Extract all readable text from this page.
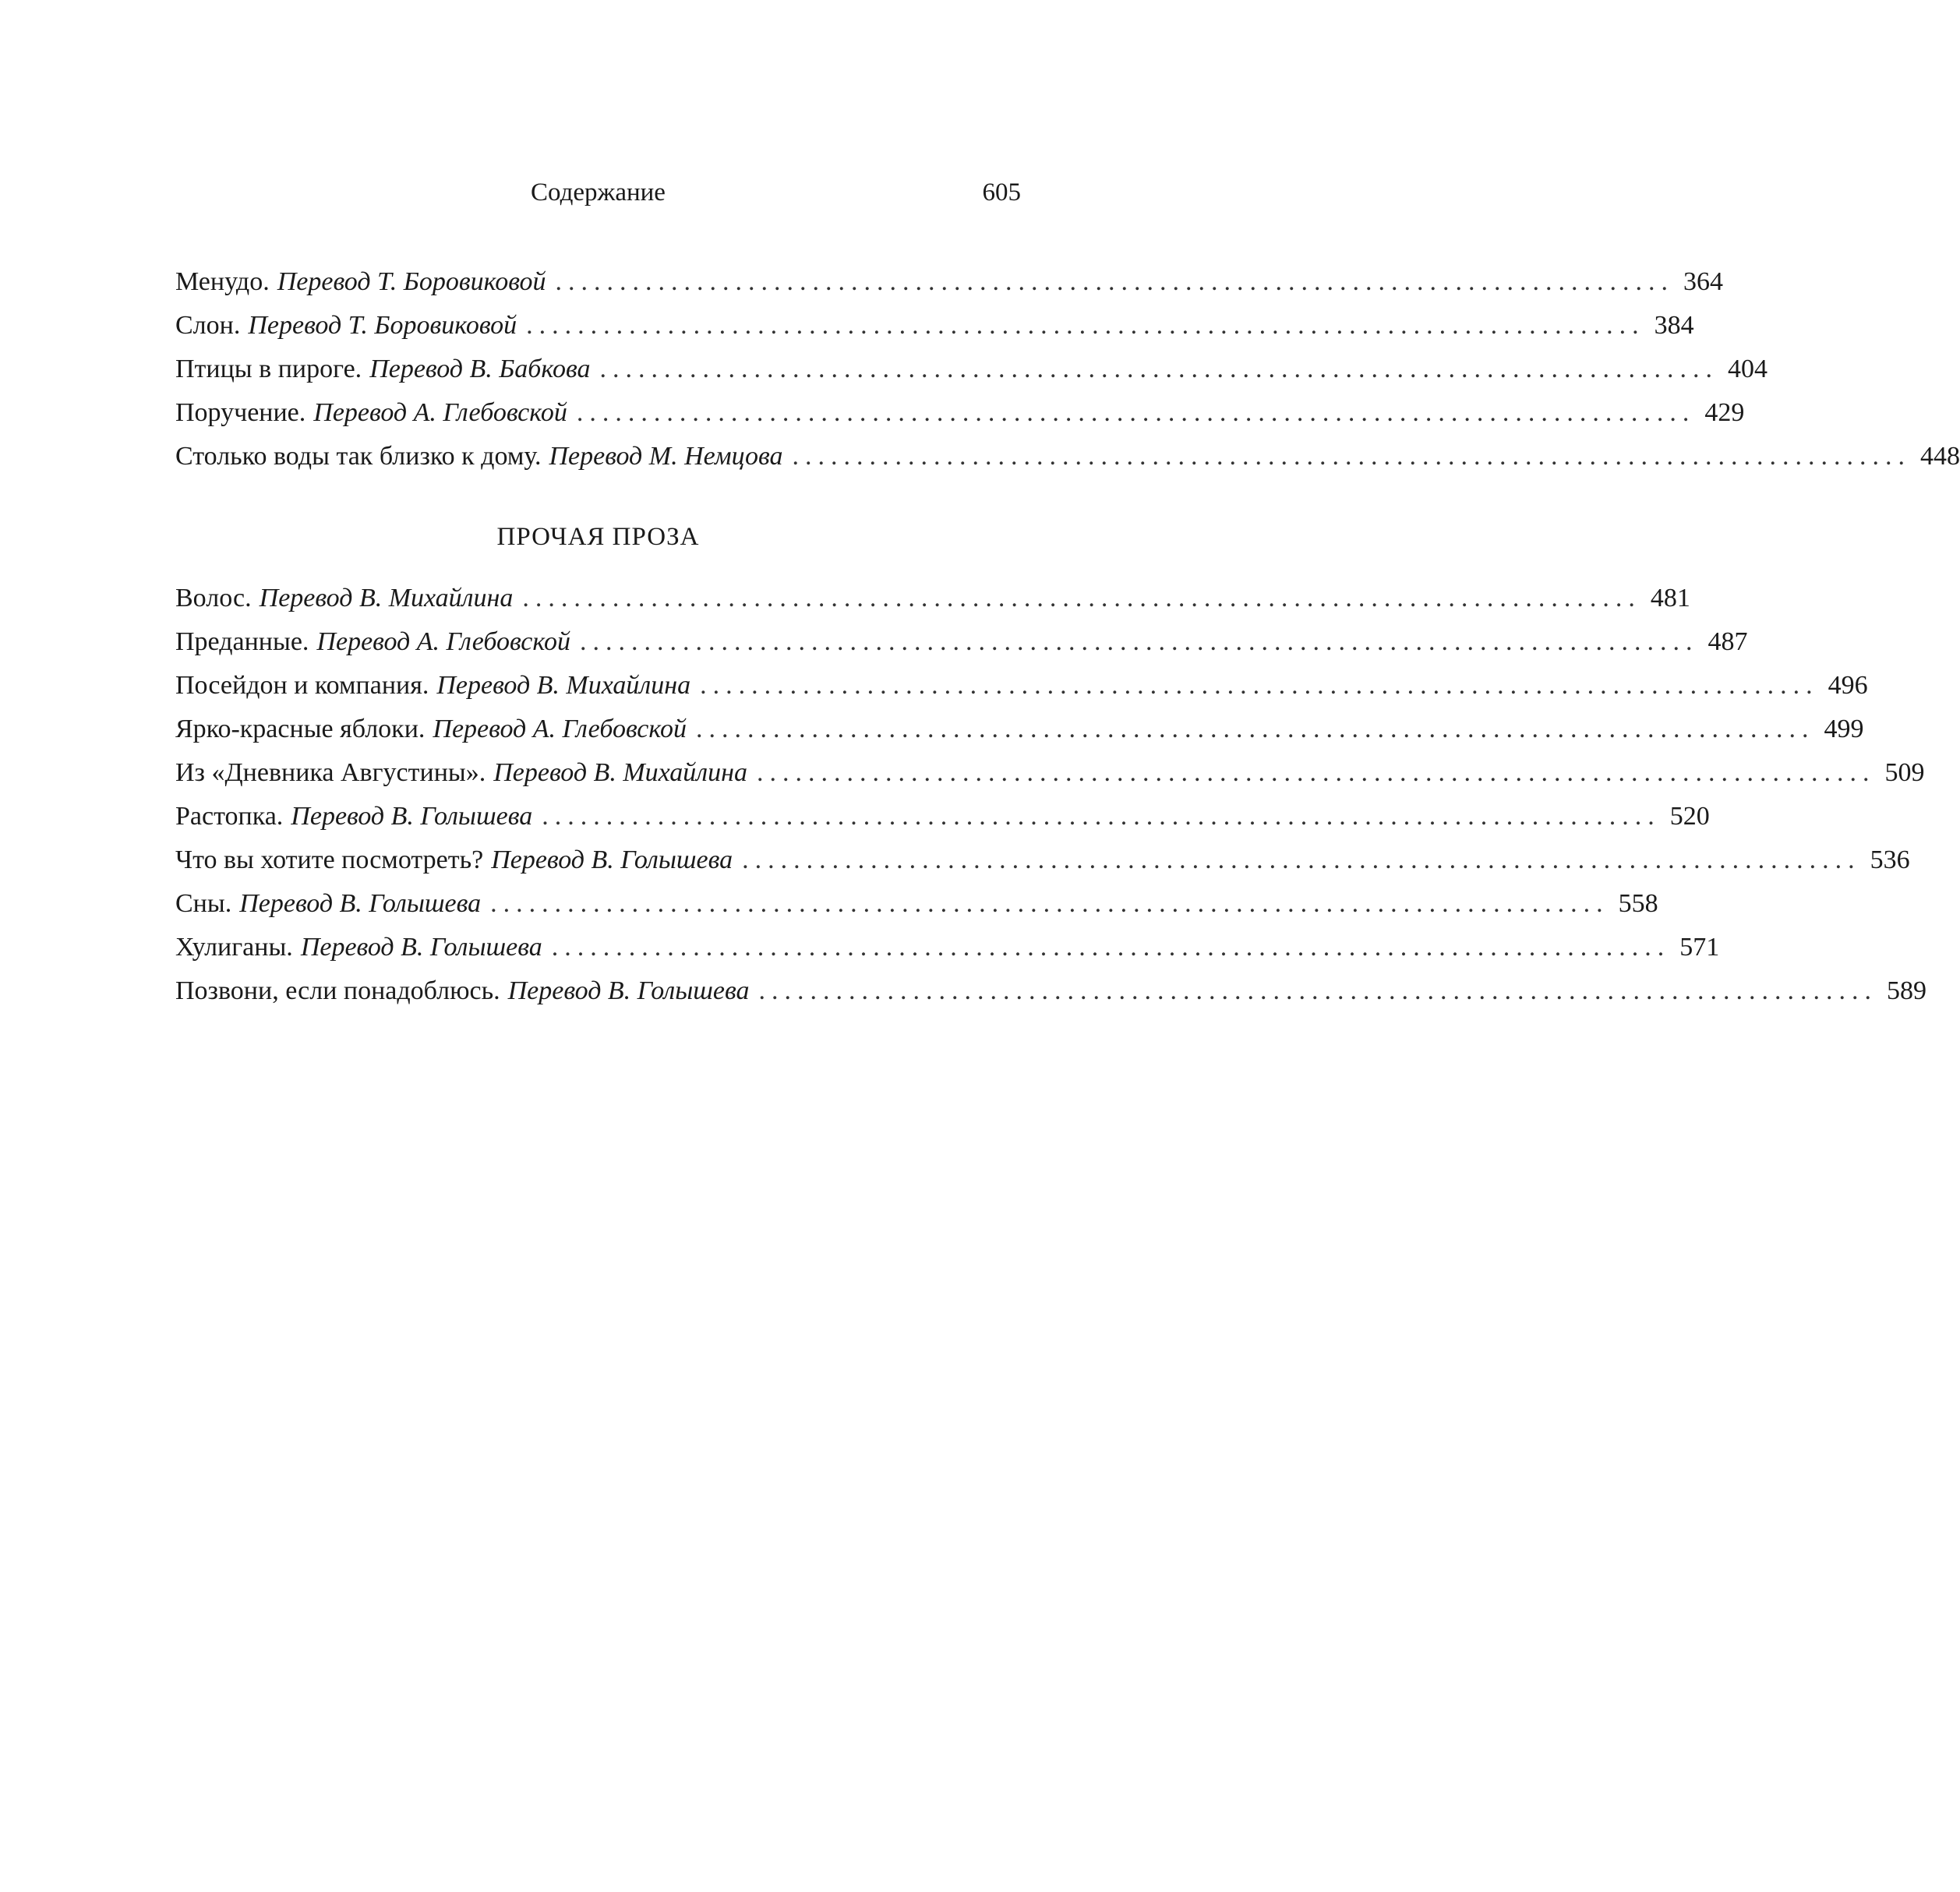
Содержание	605
Менудо. Перевод Т. Боровиковой ....................................................................................... 364
Слон. Перевод Т. Боровиковой ....................................................................................... 384
Птицы в пироге. Перевод В. Бабкова ....................................................................................... 404
Поручение. Перевод А. Глебовской ....................................................................................... 429
Столько воды так близко к дому. Перевод М. Немцова ....................................................................................... 448
ПРОЧАЯ ПРОЗА
Волос. Перевод В. Михайлина ....................................................................................... 481
Преданные. Перевод А. Глебовской ....................................................................................... 487
Посейдон и компания. Перевод В. Михайлина ....................................................................................... 496
Ярко-красные яблоки. Перевод А. Глебовской ....................................................................................... 499
Из «Дневника Августины». Перевод В. Михайлина ....................................................................................... 509
Растопка. Перевод В. Голышева ....................................................................................... 520
Что вы хотите посмотреть? Перевод В. Голышева ....................................................................................... 536
Сны. Перевод В. Голышева ....................................................................................... 558
Хулиганы. Перевод В. Голышева ....................................................................................... 571
Позвони, если понадоблюсь. Перевод В. Голышева ....................................................................................... 589
